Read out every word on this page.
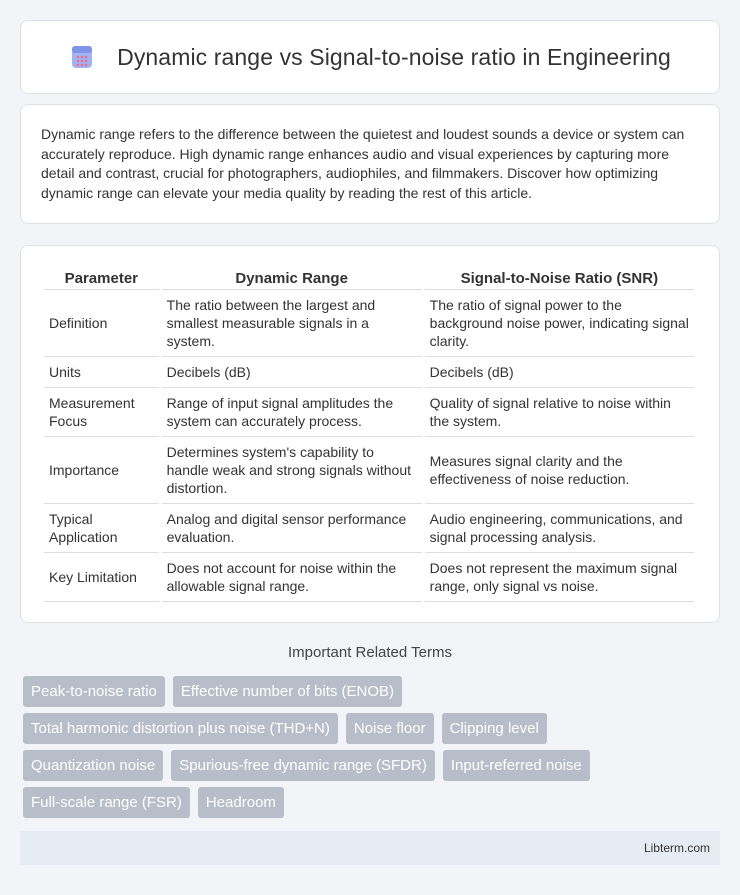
Dynamic range vs Signal-to-noise ratio in Engineering

Dynamic range refers to the difference between the quietest and loudest sounds a device or system can accurately reproduce. High dynamic range enhances audio and visual experiences by capturing more detail and contrast, crucial for photographers, audiophiles, and filmmakers. Discover how optimizing dynamic range can elevate your media quality by reading the rest of this article.

Parameter	Dynamic Range	Signal-to-Noise Ratio (SNR)
Definition	The ratio between the largest and smallest measurable signals in a system.	The ratio of signal power to the background noise power, indicating signal clarity.
Units	Decibels (dB)	Decibels (dB)
Measurement Focus	Range of input signal amplitudes the system can accurately process.	Quality of signal relative to noise within the system.
Importance	Determines system's capability to handle weak and strong signals without distortion.	Measures signal clarity and the effectiveness of noise reduction.
Typical Application	Analog and digital sensor performance evaluation.	Audio engineering, communications, and signal processing analysis.
Key Limitation	Does not account for noise within the allowable signal range.	Does not represent the maximum signal range, only signal vs noise.
Important Related Terms
Peak-to-noise ratio	Effective number of bits (ENOB)
Total harmonic distortion plus noise (THD+N)	Noise floor	Clipping level
Quantization noise	Spurious-free dynamic range (SFDR)	Input-referred noise
Full-scale range (FSR)	Headroom
Libterm.com
